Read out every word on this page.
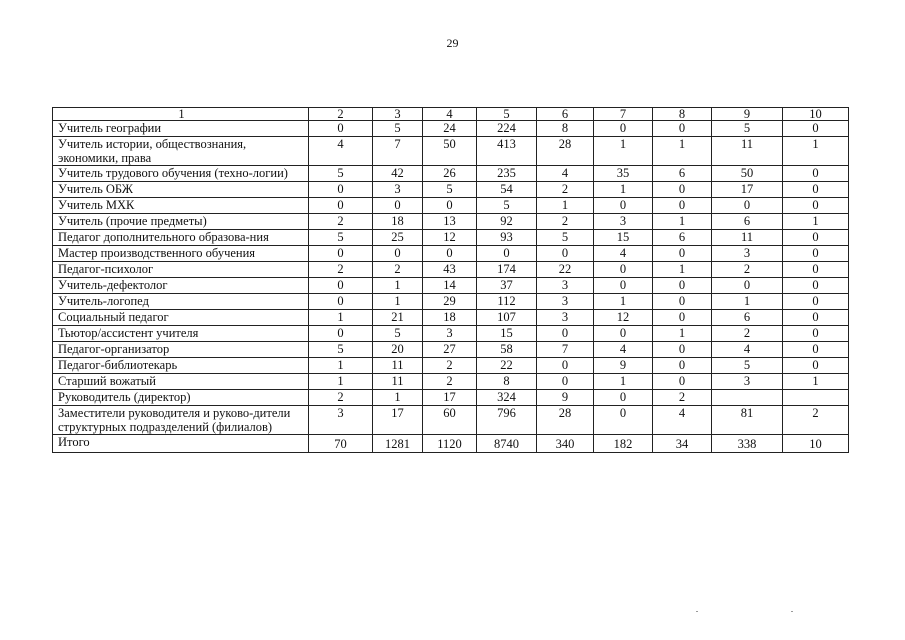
29
1	2	3	4	5	6	7	8	9	10
Учитель географии	0	5	24	224	8	0	0	5	0
Учитель истории, обществознания, экономики, права	4	7	50	413	28	1	1	11	1
Учитель трудового обучения (техно-логии)	5	42	26	235	4	35	6	50	0
Учитель ОБЖ	0	3	5	54	2	1	0	17	0
Учитель МХК	0	0	0	5	1	0	0	0	0
Учитель (прочие предметы)	2	18	13	92	2	3	1	6	1
Педагог дополнительного образова-ния	5	25	12	93	5	15	6	11	0
Мастер производственного обучения	0	0	0	0	0	4	0	3	0
Педагог-психолог	2	2	43	174	22	0	1	2	0
Учитель-дефектолог	0	1	14	37	3	0	0	0	0
Учитель-логопед	0	1	29	112	3	1	0	1	0
Социальный педагог	1	21	18	107	3	12	0	6	0
Тьютор/ассистент учителя	0	5	3	15	0	0	1	2	0
Педагог-организатор	5	20	27	58	7	4	0	4	0
Педагог-библиотекарь	1	11	2	22	0	9	0	5	0
Старший вожатый	1	11	2	8	0	1	0	3	1
Руководитель (директор)	2	1	17	324	9	0	2		
Заместители руководителя и руково-дители структурных подразделений (филиалов)	3	17	60	796	28	0	4	81	2
Итого	70	1281	1120	8740	340	182	34	338	10
